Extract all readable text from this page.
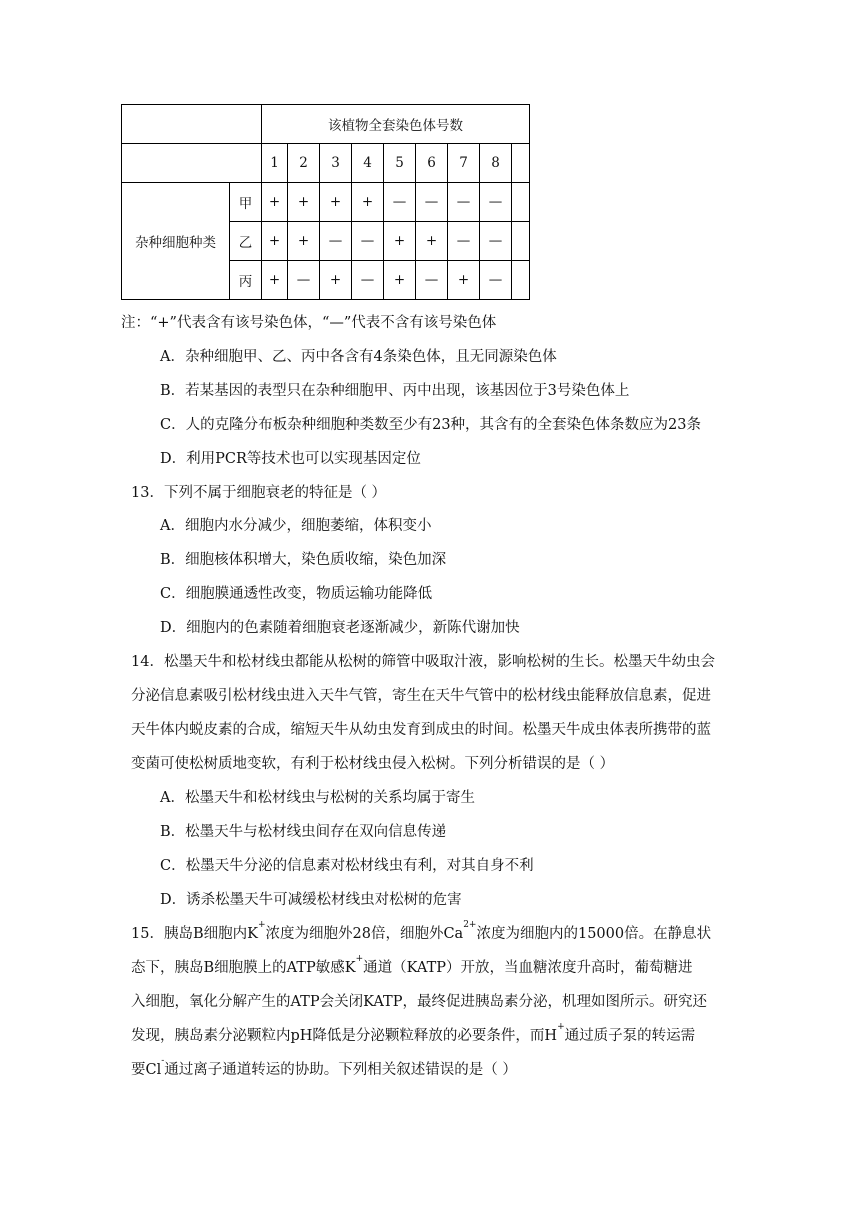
		该植物全套染色体号数								
		1	2	3	4	5	6	7	8	
杂种细胞种类	甲	+	+	+	+	—	—	—	—	
	乙	+	+	—	—	+	+	—	—	
	丙	+	—	+	—	+	—	+	—	
注：“+”代表含有该号染色体，“—”代表不含有该号染色体
A．杂种细胞甲、乙、丙中各含有4条染色体，且无同源染色体
B．若某基因的表型只在杂种细胞甲、丙中出现，该基因位于3号染色体上
C．人的克隆分布板杂种细胞种类数至少有23种，其含有的全套染色体条数应为23条
D．利用PCR等技术也可以实现基因定位
13．下列不属于细胞衰老的特征是（ ）
A．细胞内水分减少，细胞萎缩，体积变小
B．细胞核体积增大，染色质收缩，染色加深
C．细胞膜通透性改变，物质运输功能降低
D．细胞内的色素随着细胞衰老逐渐减少，新陈代谢加快
14．松墨天牛和松材线虫都能从松树的筛管中吸取汁液，影响松树的生长。松墨天牛幼虫会
分泌信息素吸引松材线虫进入天牛气管，寄生在天牛气管中的松材线虫能释放信息素，促进
天牛体内蜕皮素的合成，缩短天牛从幼虫发育到成虫的时间。松墨天牛成虫体表所携带的蓝
变菌可使松树质地变软，有利于松材线虫侵入松树。下列分析错误的是（ ）
A．松墨天牛和松材线虫与松树的关系均属于寄生
B．松墨天牛与松材线虫间存在双向信息传递
C．松墨天牛分泌的信息素对松材线虫有利，对其自身不利
D．诱杀松墨天牛可减缓松材线虫对松树的危害
15．胰岛B细胞内K+浓度为细胞外28倍，细胞外$Ca^{2+}$浓度为细胞内的15000倍。在静息状
态下，胰岛B细胞膜上的ATP敏感K+通道（KATP）开放，当血糖浓度升高时，葡萄糖进
入细胞，氧化分解产生的ATP会关闭KATP，最终促进胰岛素分泌，机理如图所示。研究还
发现，胰岛素分泌颗粒内pH降低是分泌颗粒释放的必要条件，而H+通过质子泵的转运需
要Cl-通过离子通道转运的协助。下列相关叙述错误的是（ ）
